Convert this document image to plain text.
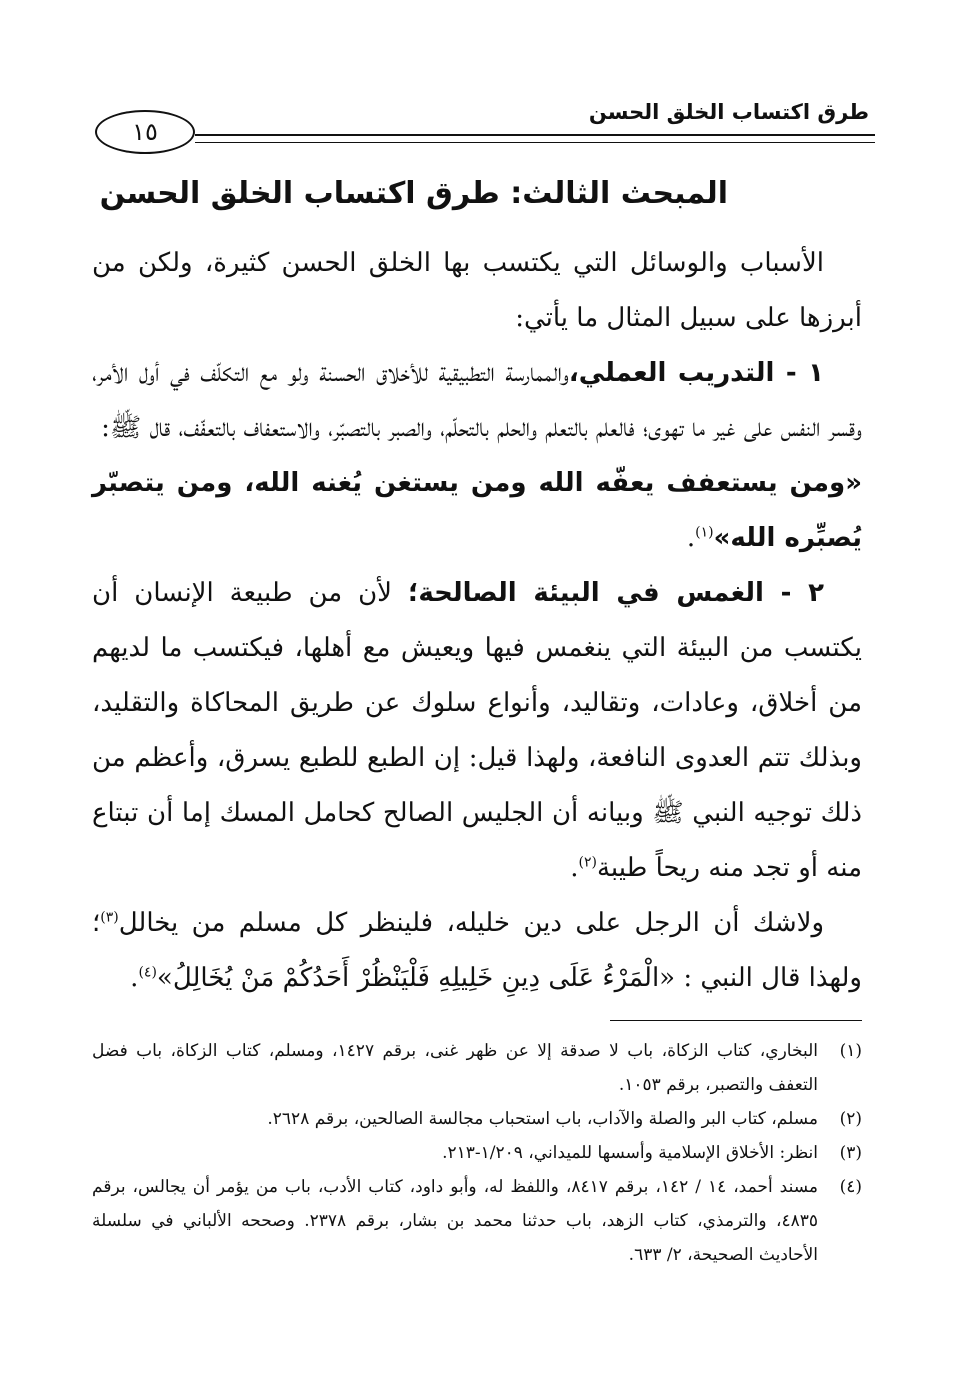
طرق اكتساب الخلق الحسن
١٥
المبحث الثالث: طرق اكتساب الخلق الحسن

الأسباب والوسائل التي يكتسب بها الخلق الحسن كثيرة، ولكن من أبرزها على سبيل المثال ما يأتي:

١ - التدريب العملي،والممارسة التطبيقية للأخلاق الحسنة ولو مع التكلّف في أول الأمر، وقسر النفس على غير ما تهوى؛ فالعلم بالتعلم والحلم بالتحلّم، والصبر بالتصبّر، والاستعفاف بالتعفّف، قال ﷺ:
«ومن يستعفف يعفّه الله ومن يستغن يُغنه الله، ومن يتصبّر يُصبِّره الله»$^{(١)}$.

٢ - الغمس في البيئة الصالحة؛ لأن من طبيعة الإنسان أن يكتسب من البيئة التي ينغمس فيها ويعيش مع أهلها، فيكتسب ما لديهم من أخلاق، وعادات، وتقاليد، وأنواع سلوك عن طريق المحاكاة والتقليد، وبذلك تتم العدوى النافعة، ولهذا قيل: إن الطبع للطبع يسرق، وأعظم من ذلك توجيه النبي ﷺ وبيانه أن الجليس الصالح كحامل المسك إما أن تبتاع منه أو تجد منه ريحاً طيبة$^{(٢)}$.

ولاشك أن الرجل على دين خليله، فلينظر كل مسلم من يخالل$^{(٣)}$؛ ولهذا قال النبي : «الْمَرْءُ عَلَى دِينِ خَلِيلِهِ فَلْيَنْظُرْ أَحَدُكُمْ مَنْ يُخَالِلُ»$^{(٤)}$.

(١)
البخاري، كتاب الزكاة، باب لا صدقة إلا عن ظهر غنى، برقم ١٤٢٧، ومسلم، كتاب الزكاة، باب فضل التعفف والتصبر، برقم ١٠٥٣.
(٢)
مسلم، كتاب البر والصلة والآداب، باب استحباب مجالسة الصالحين، برقم ٢٦٢٨.
(٣)
انظر: الأخلاق الإسلامية وأسسها للميداني، ١/٢٠٩-٢١٣.
(٤)
مسند أحمد، ١٤ / ١٤٢، برقم ٨٤١٧، واللفظ له، وأبو داود، كتاب الأدب، باب من يؤمر أن يجالس، برقم ٤٨٣٥، والترمذي، كتاب الزهد، باب حدثنا محمد بن بشار، برقم ٢٣٧٨. وصححه الألباني في سلسلة الأحاديث الصحيحة، ٢/ ٦٣٣.
